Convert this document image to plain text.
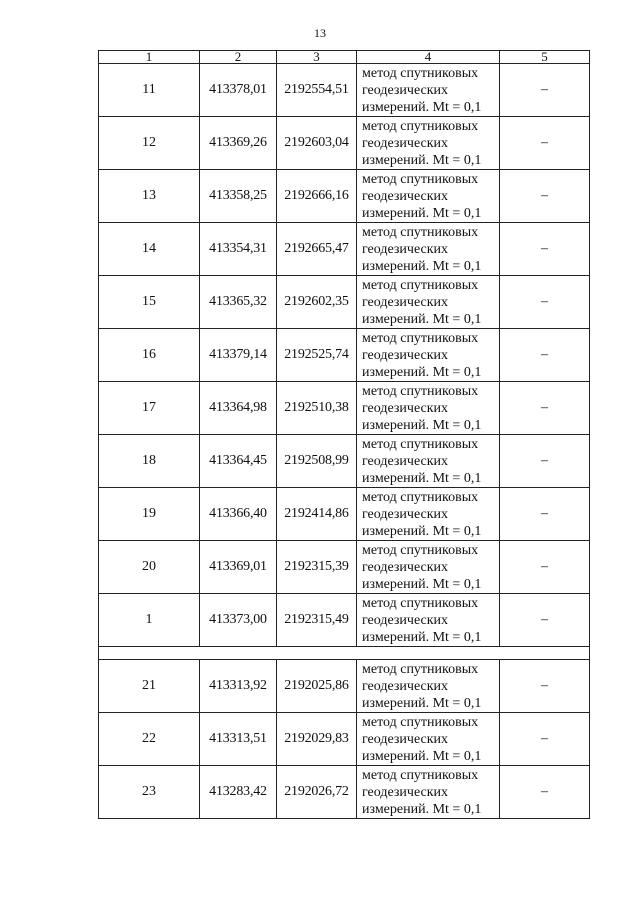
13
1	2	3	4	5
11	413378,01	2192554,51	метод спутниковых
геодезических
измерений. Mt = 0,1	–
12	413369,26	2192603,04	метод спутниковых
геодезических
измерений. Mt = 0,1	–
13	413358,25	2192666,16	метод спутниковых
геодезических
измерений. Mt = 0,1	–
14	413354,31	2192665,47	метод спутниковых
геодезических
измерений. Mt = 0,1	–
15	413365,32	2192602,35	метод спутниковых
геодезических
измерений. Mt = 0,1	–
16	413379,14	2192525,74	метод спутниковых
геодезических
измерений. Mt = 0,1	–
17	413364,98	2192510,38	метод спутниковых
геодезических
измерений. Mt = 0,1	–
18	413364,45	2192508,99	метод спутниковых
геодезических
измерений. Mt = 0,1	–
19	413366,40	2192414,86	метод спутниковых
геодезических
измерений. Mt = 0,1	–
20	413369,01	2192315,39	метод спутниковых
геодезических
измерений. Mt = 0,1	–
1	413373,00	2192315,49	метод спутниковых
геодезических
измерений. Mt = 0,1	–

21	413313,92	2192025,86	метод спутниковых
геодезических
измерений. Mt = 0,1	–
22	413313,51	2192029,83	метод спутниковых
геодезических
измерений. Mt = 0,1	–
23	413283,42	2192026,72	метод спутниковых
геодезических
измерений. Mt = 0,1	–
